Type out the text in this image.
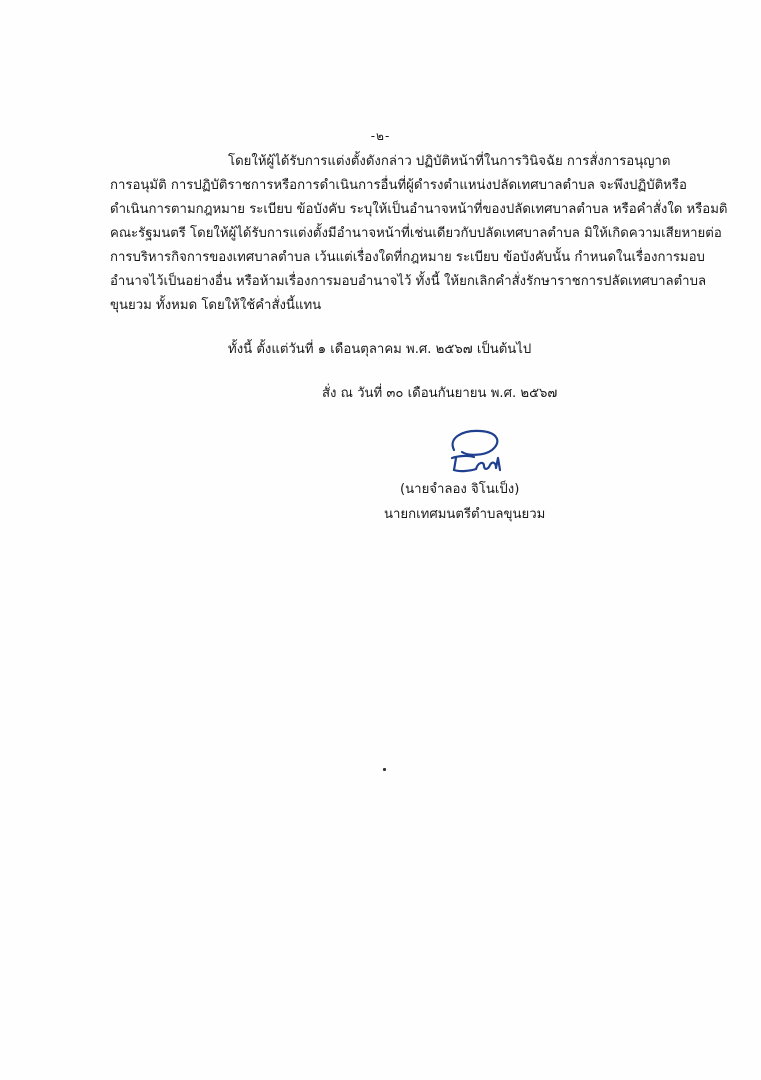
-๒-
โดยให้ผู้ได้รับการแต่งตั้งดังกล่าว ปฏิบัติหน้าที่ในการวินิจฉัย การสั่งการอนุญาต
การอนุมัติ การปฏิบัติราชการหรือการดำเนินการอื่นที่ผู้ดำรงตำแหน่งปลัดเทศบาลตำบล จะพึงปฏิบัติหรือ
ดำเนินการตามกฎหมาย ระเบียบ ข้อบังคับ ระบุให้เป็นอำนาจหน้าที่ของปลัดเทศบาลตำบล หรือคำสั่งใด หรือมติ
คณะรัฐมนตรี โดยให้ผู้ได้รับการแต่งตั้งมีอำนาจหน้าที่เช่นเดียวกับปลัดเทศบาลตำบล มิให้เกิดความเสียหายต่อ
การบริหารกิจการของเทศบาลตำบล เว้นแต่เรื่องใดที่กฎหมาย ระเบียบ ข้อบังคับนั้น กำหนดในเรื่องการมอบ
อำนาจไว้เป็นอย่างอื่น หรือห้ามเรื่องการมอบอำนาจไว้ ทั้งนี้ ให้ยกเลิกคำสั่งรักษาราชการปลัดเทศบาลตำบล
ขุนยวม ทั้งหมด โดยให้ใช้คำสั่งนี้แทน
ทั้งนี้ ตั้งแต่วันที่ ๑ เดือนตุลาคม พ.ศ. ๒๕๖๗ เป็นต้นไป
สั่ง ณ วันที่ ๓๐ เดือนกันยายน พ.ศ. ๒๕๖๗
(นายจำลอง จิโนเป็ง)
นายกเทศมนตรีตำบลขุนยวม
